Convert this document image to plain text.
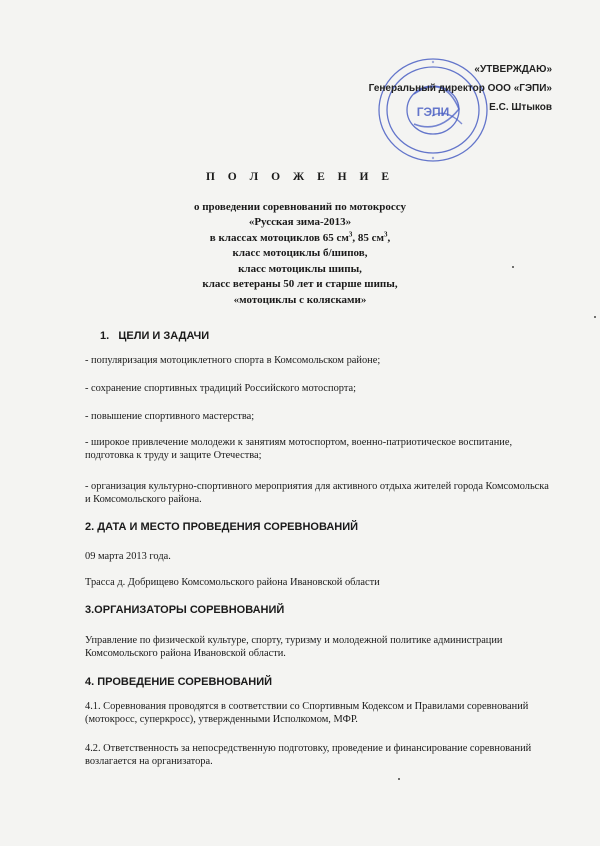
ГЭПИ
«УТВЕРЖДАЮ»
Генеральный директор ООО «ГЭПИ»
Е.С. Штыков
П О Л О Ж Е Н И Е
о проведении соревнований по мотокроссу
«Русская зима-2013»
в классах мотоциклов 65 $см^3$, 85 $см^3$,
класс мотоциклы б/шипов,
класс мотоциклы шипы,
класс ветераны 50 лет и старше шипы,
«мотоциклы с колясками»
1. ЦЕЛИ И ЗАДАЧИ
- популяризация мотоциклетного спорта в Комсомольском районе;
- сохранение спортивных традиций Российского мотоспорта;
- повышение спортивного мастерства;
- широкое привлечение молодежи к занятиям мотоспортом, военно-патриотическое воспитание, подготовка к труду и защите Отечества;
- организация культурно-спортивного мероприятия для активного отдыха жителей города Комсомольска и Комсомольского района.
2. ДАТА И МЕСТО ПРОВЕДЕНИЯ СОРЕВНОВАНИЙ
09 марта 2013 года.
Трасса д. Добрищево Комсомольского района Ивановской области
3.ОРГАНИЗАТОРЫ СОРЕВНОВАНИЙ
Управление по физической культуре, спорту, туризму и молодежной политике администрации Комсомольского района Ивановской области.
4. ПРОВЕДЕНИЕ СОРЕВНОВАНИЙ
4.1. Соревнования проводятся в соответствии со Спортивным Кодексом и Правилами соревнований (мотокросс, суперкросс), утвержденными Исполкомом, МФР.
4.2. Ответственность за непосредственную подготовку, проведение и финансирование соревнований возлагается на организатора.
